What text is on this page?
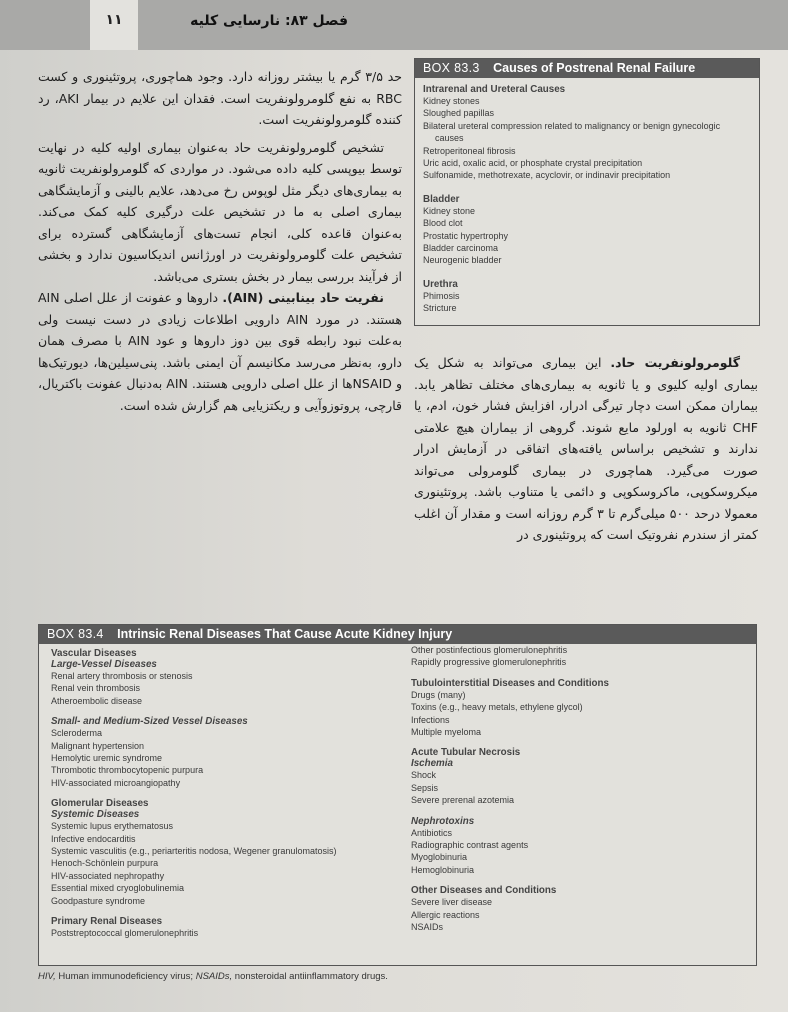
۱۱	فصل ۸۳: نارسایی کلیه

حد ۳/۵ گرم یا بیشتر روزانه دارد. وجود هماچوری، پروتئینوری و کست RBC به نفع گلومرولونفریت است. فقدان این علایم در بیمار AKI، رد کننده گلومرولونفریت است.

تشخیص گلومرولونفریت حاد به‌عنوان بیماری اولیه کلیه در نهایت توسط بیوپسی کلیه داده می‌شود. در مواردی که گلومرولونفریت ثانویه به بیماری‌های دیگر مثل لوپوس رخ می‌دهد، علایم بالینی و آزمایشگاهی بیماری اصلی به ما در تشخیص علت درگیری کلیه کمک می‌کند. به‌عنوان قاعده کلی، انجام تست‌های آزمایشگاهی گسترده برای تشخیص علت گلومرولونفریت در اورژانس اندیکاسیون ندارد و بخشی از فرآیند بررسی بیمار در بخش بستری می‌باشد.

نفریت حاد بینابینی (AIN). داروها و عفونت از علل اصلی AIN هستند. در مورد AIN دارویی اطلاعات زیادی در دست نیست ولی به‌علت نبود رابطه قوی بین دوز داروها و عود AIN با مصرف همان دارو، به‌نظر می‌رسد مکانیسم آن ایمنی باشد. پنی‌سیلین‌ها، دیورتیک‌ها و NSAIDها از علل اصلی دارویی هستند. AIN به‌دنبال عفونت باکتریال، قارچی، پروتوزوآیی و ریکتزیایی هم گزارش شده است.

BOX 83.3 Causes of Postrenal Renal Failure
Intrarenal and Ureteral Causes
Kidney stones
Sloughed papillas
Bilateral ureteral compression related to malignancy or benign gynecologic
causes
Retroperitoneal fibrosis
Uric acid, oxalic acid, or phosphate crystal precipitation
Sulfonamide, methotrexate, acyclovir, or indinavir precipitation
Bladder
Kidney stone
Blood clot
Prostatic hypertrophy
Bladder carcinoma
Neurogenic bladder
Urethra
Phimosis
Stricture

گلومرولونفریت حاد. این بیماری می‌تواند به شکل یک بیماری اولیه کلیوی و یا ثانویه به بیماری‌های مختلف تظاهر یابد. بیماران ممکن است دچار تیرگی ادرار، افزایش فشار خون، ادم، یا CHF ثانویه به اورلود مایع شوند. گروهی از بیماران هیچ علامتی ندارند و تشخیص براساس یافته‌های اتفاقی در آزمایش ادرار صورت می‌گیرد. هماچوری در بیماری گلومرولی می‌تواند میکروسکوپی، ماکروسکوپی و دائمی یا متناوب باشد. پروتئینوری معمولا درحد ۵۰۰ میلی‌گرم تا ۳ گرم روزانه است و مقدار آن اغلب کمتر از سندرم نفروتیک است که پروتئینوری در

BOX 83.4 Intrinsic Renal Diseases That Cause Acute Kidney Injury
Vascular Diseases
Large-Vessel Diseases
Renal artery thrombosis or stenosis
Renal vein thrombosis
Atheroembolic disease
Small- and Medium-Sized Vessel Diseases
Scleroderma
Malignant hypertension
Hemolytic uremic syndrome
Thrombotic thrombocytopenic purpura
HIV-associated microangiopathy
Glomerular Diseases
Systemic Diseases
Systemic lupus erythematosus
Infective endocarditis
Systemic vasculitis (e.g., periarteritis nodosa, Wegener granulomatosis)
Henoch-Schönlein purpura
HIV-associated nephropathy
Essential mixed cryoglobulinemia
Goodpasture syndrome
Primary Renal Diseases
Poststreptococcal glomerulonephritis
Other postinfectious glomerulonephritis
Rapidly progressive glomerulonephritis
Tubulointerstitial Diseases and Conditions
Drugs (many)
Toxins (e.g., heavy metals, ethylene glycol)
Infections
Multiple myeloma
Acute Tubular Necrosis
Ischemia
Shock
Sepsis
Severe prerenal azotemia
Nephrotoxins
Antibiotics
Radiographic contrast agents
Myoglobinuria
Hemoglobinuria
Other Diseases and Conditions
Severe liver disease
Allergic reactions
NSAIDs
HIV, Human immunodeficiency virus; NSAIDs, nonsteroidal antiinflammatory drugs.
